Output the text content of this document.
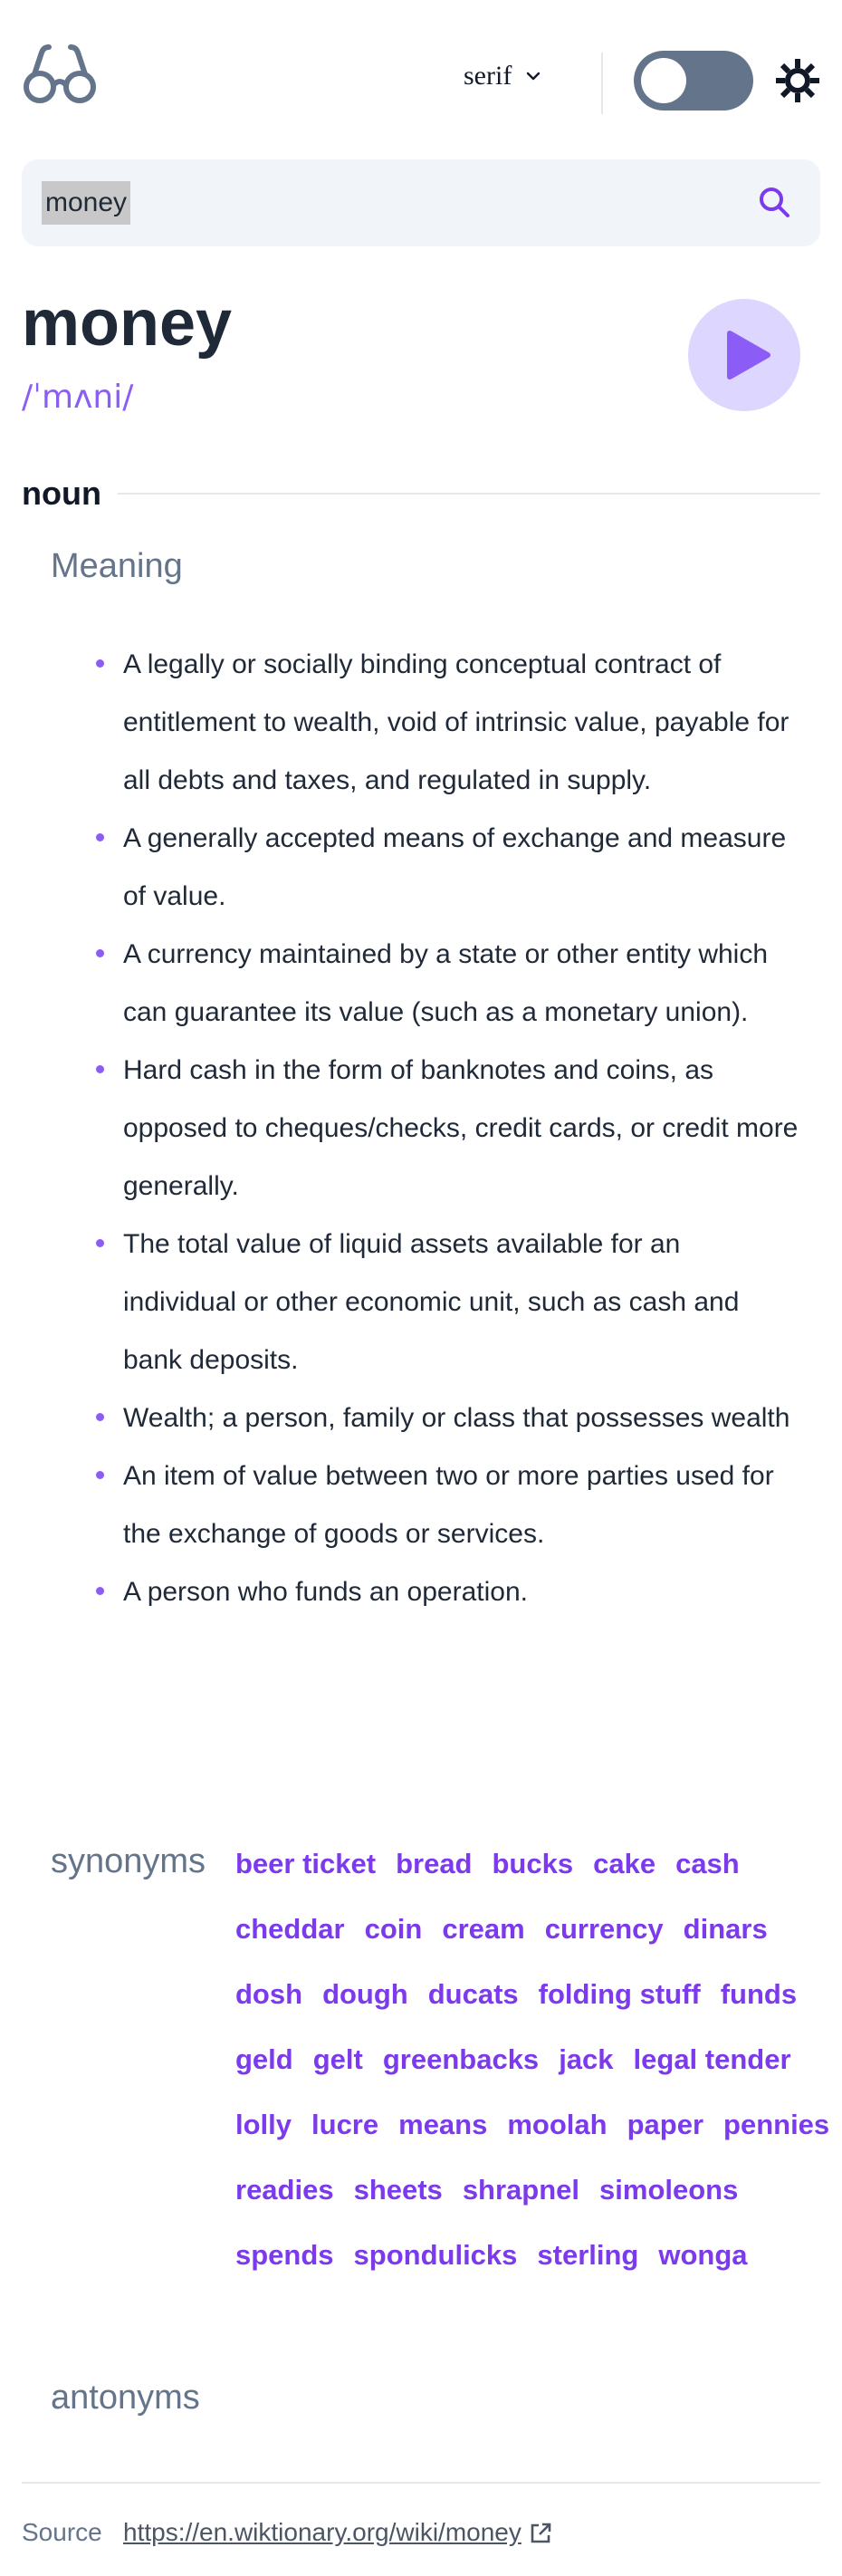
serif
money
money
/ˈmʌni/
noun
Meaning
A legally or socially binding conceptual contract of entitlement to wealth, void of intrinsic value, payable for all debts and taxes, and regulated in supply.
A generally accepted means of exchange and measure of value.
A currency maintained by a state or other entity which can guarantee its value (such as a monetary union).
Hard cash in the form of banknotes and coins, as opposed to cheques/checks, credit cards, or credit more generally.
The total value of liquid assets available for an individual or other economic unit, such as cash and bank deposits.
Wealth; a person, family or class that possesses wealth
An item of value between two or more parties used for the exchange of goods or services.
A person who funds an operation.
synonyms beer ticket bread bucks cake cash
cheddar coin cream currency dinars
dosh dough ducats folding stuff funds
geld gelt greenbacks jack legal tender
lolly lucre means moolah paper pennies
readies sheets shrapnel simoleons
spends spondulicks sterling wonga
antonyms
Source https://en.wiktionary.org/wiki/money
